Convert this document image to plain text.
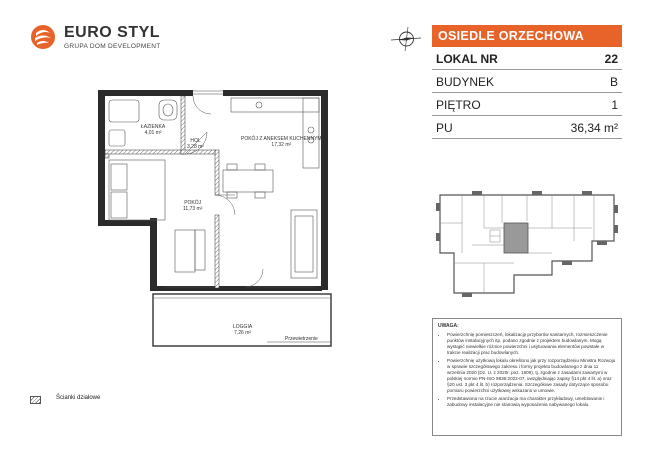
EURO STYL
GRUPA DOM DEVELOPMENT
OSIEDLE ORZECHOWA
LOKAL NR	22
BUDYNEK	B
PIĘTRO	1
PU	36,34 m²
UWAGA:
• Powierzchnię pomieszczeń, lokalizację przyborów sanitarnych, rozmieszczenie punktów instalacyjnych itp. podano zgodnie z projektem budowlanym. Mogą wystąpić niewielkie różnice powierzchni i usytuowania elementów powstałe w trakcie realizacji prac budowlanych.
• Powierzchnię użytkową lokalu określono jak przy rozporządzeniu Ministra Rozwoju w sprawie szczegółowego zakresu i formy projektu budowlanego z dnia 11 września 2020 (Dz. U. z 2020r. poz. 1609), tj. zgodnie z zasadami zawartymi w polskiej normie PN-ISO 9836:2022-07, uwzględniając zapisy §14 pkt 4 lit. a) oraz §20 ust. 3 pkt 4 lit. b) rozporządzenia. Szczegółowe zasady dotyczące sposobu pomiaru powierzchni użytkowej wskazano w umowie.
• Przedstawiona na rzucie aranżacja ma charakter przykładowy, umeblowanie i zabudowy instalacyjne nie stanowią wyposażenia nabywanego lokalu.
ŁAZIENKA
4,01 m²
HOL
3,28 m²
POKÓJ Z ANEKSEM KUCHENNYM
17,32 m²
POKÓJ
11,73 m²
LOGGIA
7,26 m²
Przewietrzenie
Ścianki działowe
